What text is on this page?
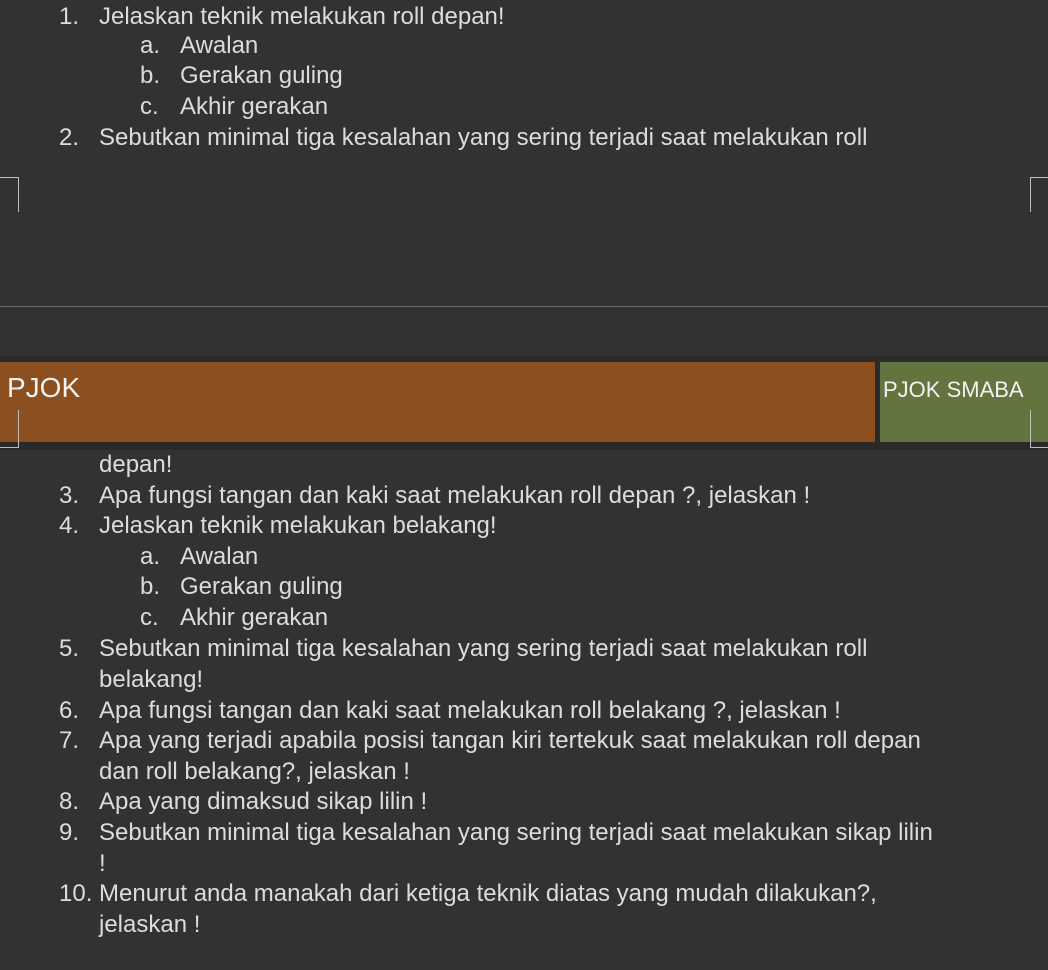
1. Jelaskan teknik melakukan roll depan!
a. Awalan
b. Gerakan guling
c. Akhir gerakan
2. Sebutkan minimal tiga kesalahan yang sering terjadi saat melakukan roll
PJOK	PJOK SMABA
depan!
3. Apa fungsi tangan dan kaki saat melakukan roll depan ?, jelaskan !
4. Jelaskan teknik melakukan belakang!
a. Awalan
b. Gerakan guling
c. Akhir gerakan
5. Sebutkan minimal tiga kesalahan yang sering terjadi saat melakukan roll
belakang!
6. Apa fungsi tangan dan kaki saat melakukan roll belakang ?, jelaskan !
7. Apa yang terjadi apabila posisi tangan kiri tertekuk saat melakukan roll depan
dan roll belakang?, jelaskan !
8. Apa yang dimaksud sikap lilin !
9. Sebutkan minimal tiga kesalahan yang sering terjadi saat melakukan sikap lilin
!
10. Menurut anda manakah dari ketiga teknik diatas yang mudah dilakukan?,
jelaskan !
